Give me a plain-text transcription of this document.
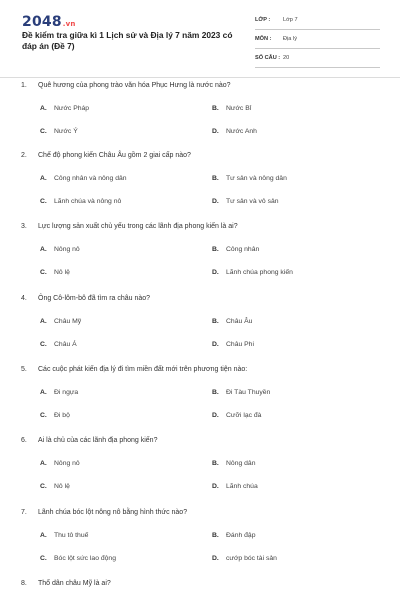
2048.vn
Đề kiểm tra giữa kì 1 Lịch sử và Địa lý 7 năm 2023 có đáp án (Đề 7)
LỚP : Lớp 7
MÔN : Địa lý
SỐ CÂU : 20
1. Quê hương của phong trào văn hóa Phục Hưng là nước nào?
A. Nước Pháp	B. Nước Bỉ
C. Nước Ý	D. Nước Anh
2. Chế độ phong kiến Châu Âu gồm 2 giai cấp nào?
A. Công nhân và nông dân	B. Tư sản và nông dân
C. Lãnh chúa và nông nô	D. Tư sản và vô sản
3. Lực lượng sản xuất chủ yếu trong các lãnh địa phong kiến là ai?
A. Nông nô	B. Công nhân
C. Nô lệ	D. Lãnh chúa phong kiến
4. Ông Cô-lôm-bô đã tìm ra châu nào?
A. Châu Mỹ	B. Châu Âu
C. Châu Á	D. Châu Phi
5. Các cuộc phát kiến địa lý đi tìm miền đất mới trên phương tiện nào:
A. Đi ngựa	B. Đi Tàu Thuyền
C. Đi bộ	D. Cưỡi lạc đà
6. Ai là chủ của các lãnh địa phong kiến?
A. Nông nô	B. Nông dân
C. Nô lệ	D. Lãnh chúa
7. Lãnh chúa bóc lột nông nô bằng hình thức nào?
A. Thu tô thuế	B. Đánh đập
C. Bóc lột sức lao động	D. cướp bóc tài sản
8. Thổ dân châu Mỹ là ai?
